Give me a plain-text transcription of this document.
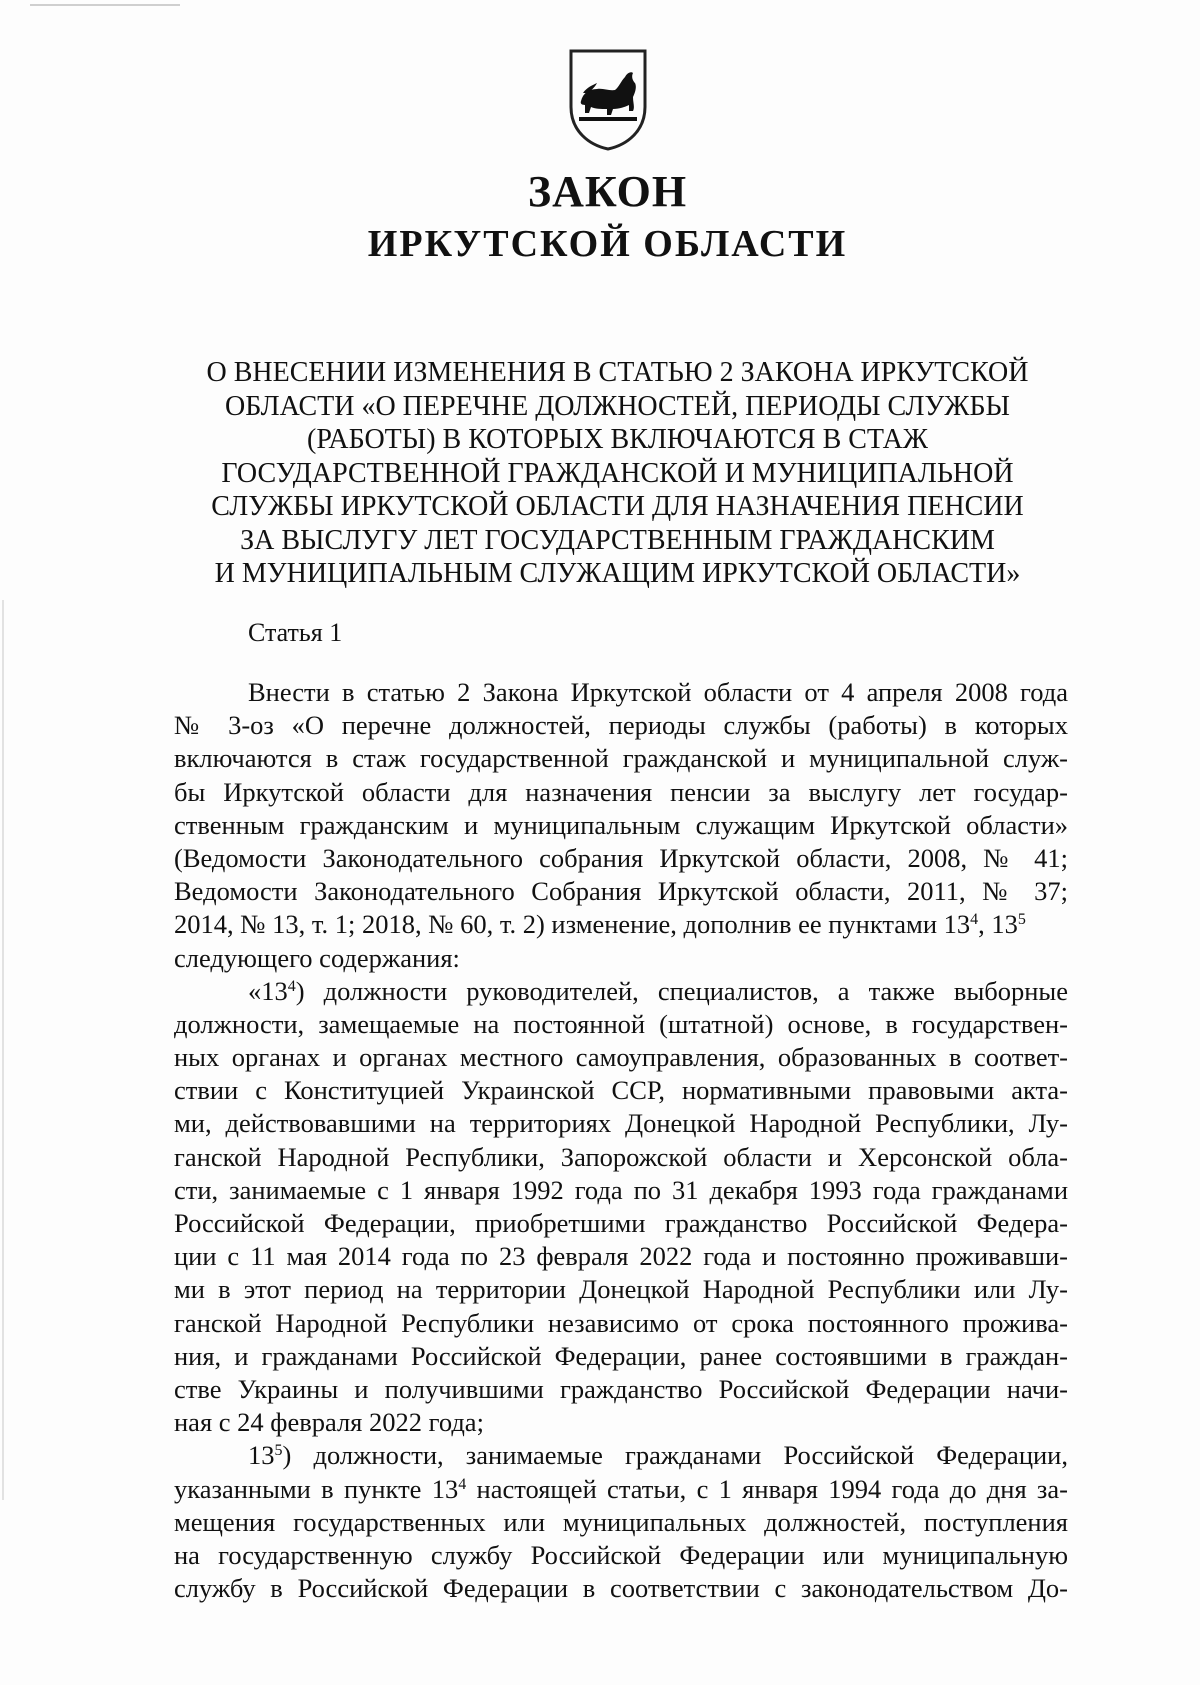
ЗАКОН
ИРКУТСКОЙ ОБЛАСТИ
О ВНЕСЕНИИ ИЗМЕНЕНИЯ В СТАТЬЮ 2 ЗАКОНА ИРКУТСКОЙ
ОБЛАСТИ «О ПЕРЕЧНЕ ДОЛЖНОСТЕЙ, ПЕРИОДЫ СЛУЖБЫ
(РАБОТЫ) В КОТОРЫХ ВКЛЮЧАЮТСЯ В СТАЖ
ГОСУДАРСТВЕННОЙ ГРАЖДАНСКОЙ И МУНИЦИПАЛЬНОЙ
СЛУЖБЫ ИРКУТСКОЙ ОБЛАСТИ ДЛЯ НАЗНАЧЕНИЯ ПЕНСИИ
ЗА ВЫСЛУГУ ЛЕТ ГОСУДАРСТВЕННЫМ ГРАЖДАНСКИМ
И МУНИЦИПАЛЬНЫМ СЛУЖАЩИМ ИРКУТСКОЙ ОБЛАСТИ»
Статья 1
Внести в статью 2 Закона Иркутской области от 4 апреля 2008 года
№ 3-оз «О перечне должностей, периоды службы (работы) в которых
включаются в стаж государственной гражданской и муниципальной служ-
бы Иркутской области для назначения пенсии за выслугу лет государ-
ственным гражданским и муниципальным служащим Иркутской области»
(Ведомости Законодательного собрания Иркутской области, 2008, № 41;
Ведомости Законодательного Собрания Иркутской области, 2011, № 37;
2014, № 13, т. 1; 2018, № 60, т. 2) изменение, дополнив ее пунктами $13^4$, $13^5$
следующего содержания:
«$13^4$) должности руководителей, специалистов, а также выборные
должности, замещаемые на постоянной (штатной) основе, в государствен-
ных органах и органах местного самоуправления, образованных в соответ-
ствии с Конституцией Украинской ССР, нормативными правовыми акта-
ми, действовавшими на территориях Донецкой Народной Республики, Лу-
ганской Народной Республики, Запорожской области и Херсонской обла-
сти, занимаемые с 1 января 1992 года по 31 декабря 1993 года гражданами
Российской Федерации, приобретшими гражданство Российской Федера-
ции с 11 мая 2014 года по 23 февраля 2022 года и постоянно проживавши-
ми в этот период на территории Донецкой Народной Республики или Лу-
ганской Народной Республики независимо от срока постоянного прожива-
ния, и гражданами Российской Федерации, ранее состоявшими в граждан-
стве Украины и получившими гражданство Российской Федерации начи-
ная с 24 февраля 2022 года;
$13^5$) должности, занимаемые гражданами Российской Федерации,
указанными в пункте $13^4$ настоящей статьи, с 1 января 1994 года до дня за-
мещения государственных или муниципальных должностей, поступления
на государственную службу Российской Федерации или муниципальную
службу в Российской Федерации в соответствии с законодательством До-
